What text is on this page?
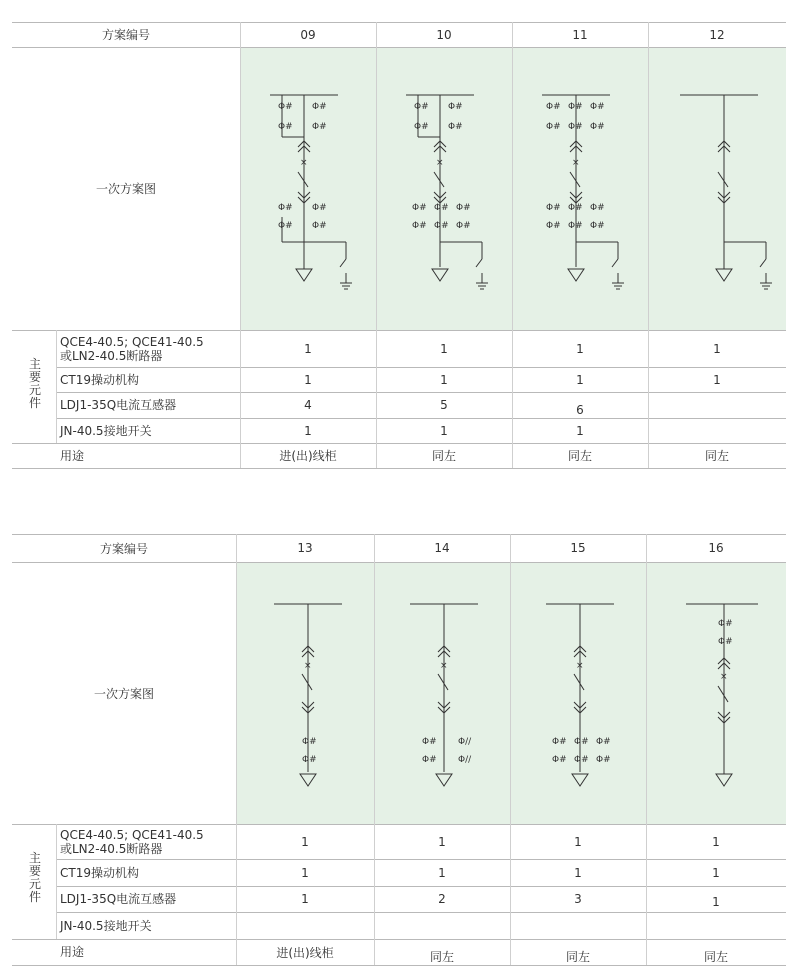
方案编号	09	10	11	12
一次方案图
Φ# Φ#
Φ# Φ#
×
Φ# Φ#
Φ# Φ#
Φ# Φ#
Φ# Φ#
×
Φ# Φ# Φ#
Φ# Φ# Φ#
Φ# Φ# Φ#
Φ# Φ# Φ#
×
Φ# Φ# Φ#
Φ# Φ# Φ#
主要元件
QCE4-40.5; QCE41-40.5
或LN2-40.5断路器	1	1	1	1
CT19操动机构	1	1	1	1
LDJ1-35Q电流互感器	4	5	6
JN-40.5接地开关	1	1	1
用途	进(出)线柜	同左	同左	同左
方案编号	13	14	15	16
一次方案图
×
Φ#
Φ#
×
Φ# Φ//
Φ# Φ//
×
Φ# Φ# Φ#
Φ# Φ# Φ#
Φ#
Φ#
×
主要元件
QCE4-40.5; QCE41-40.5
或LN2-40.5断路器	1	1	1	1
CT19操动机构	1	1	1	1
LDJ1-35Q电流互感器	1	2	3	1
JN-40.5接地开关
用途	进(出)线柜	同左	同左	同左
